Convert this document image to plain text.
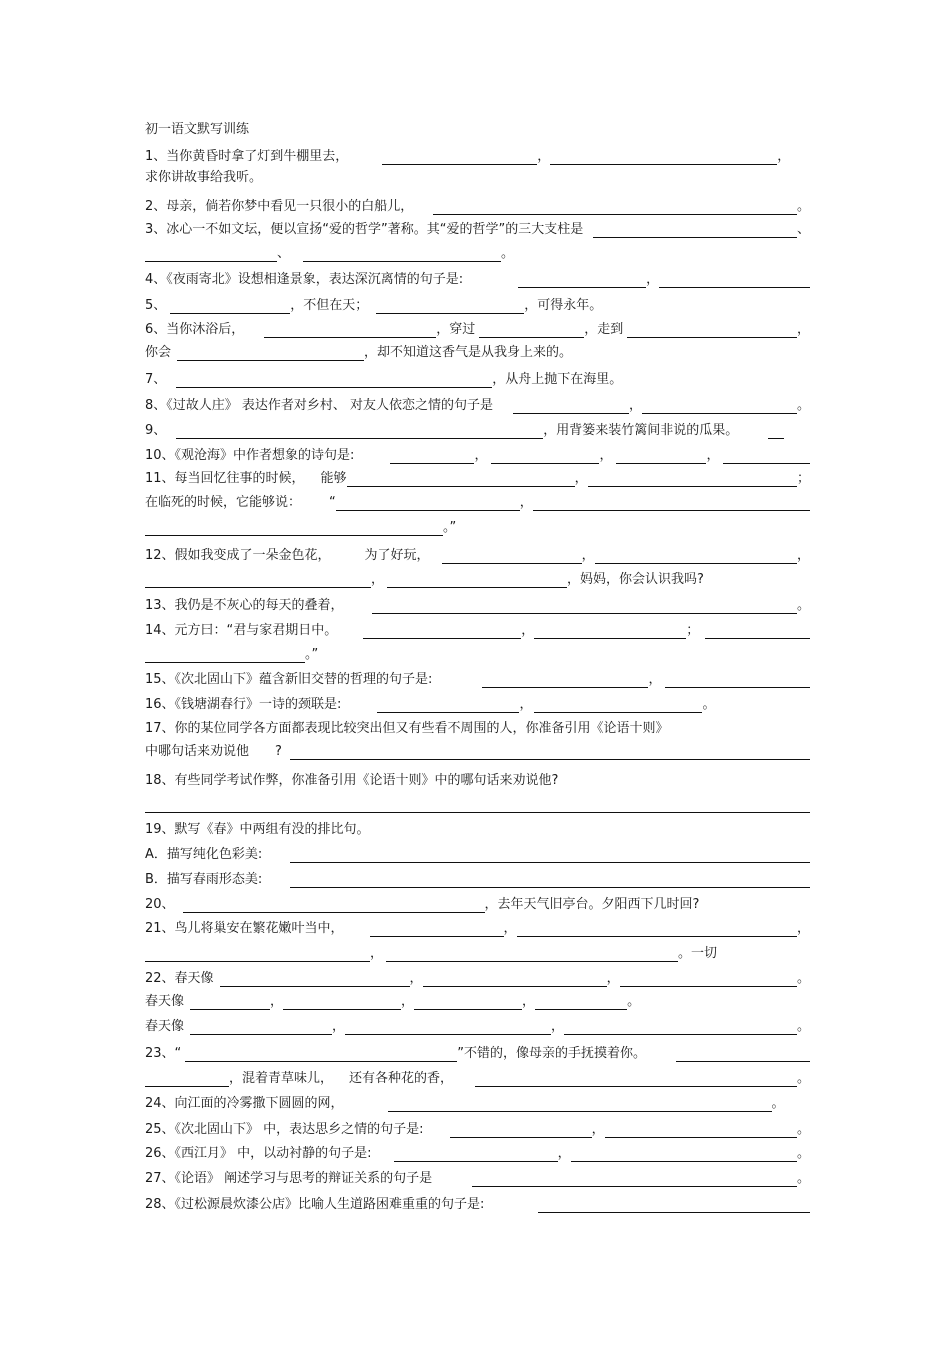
初一语文默写训练
1、当你黄昏时拿了灯到牛棚里去，	，	，
求你讲故事给我听。
2、母亲，倘若你梦中看见一只很小的白船儿，	。
3、冰心一不如文坛，便以宣扬“爱的哲学”著称。其“爱的哲学”的三大支柱是	、
、	。
4、《夜雨寄北》设想相逢景象，表达深沉离情的句子是:	，
5、	，不但在天；	，可得永年。
6、当你沐浴后，	，穿过	，走到	，
你会	，却不知道这香气是从我身上来的。
7、	，从舟上抛下在海里。
8、《过故人庄》 表达作者对乡村、 对友人依恋之情的句子是	，	。
9、	，用背篓来装竹篱间非说的瓜果。
10、《观沧海》中作者想象的诗句是:	，	，	，
11、每当回忆往事的时候， 能够	，	；
在临死的时候，它能够说： “	，
。”
12、假如我变成了一朵金色花，	为了好玩，	，	，
，	，妈妈，你会认识我吗?
13、我仍是不灰心的每天的叠着，	。
14、元方曰：“君与家君期日中。	，	；
。”
15、《次北固山下》蕴含新旧交替的哲理的句子是:	，
16、《钱塘湖春行》一诗的颈联是:	，	。
17、你的某位同学各方面都表现比较突出但又有些看不周围的人，你准备引用《论语十则》
中哪句话来劝说他 ?
18、有些同学考试作弊，你准备引用《论语十则》中的哪句话来劝说他?
19、默写《春》中两组有没的排比句。
A．描写纯化色彩美:
B．描写春雨形态美:
20、	，去年天气旧亭台。夕阳西下几时回?
21、鸟儿将巢安在繁花嫩叶当中，	，	，
，	。一切
22、春天像	，	，	。
春天像	，	，	，	。
春天像	，	，	。
23、“	”不错的，像母亲的手抚摸着你。
，混着青草味儿， 还有各种花的香，	。
24、向江面的冷雾撒下圆圆的网，	。
25、《次北固山下》 中，表达思乡之情的句子是:	，	。
26、《西江月》 中，以动衬静的句子是:	，	。
27、《论语》 阐述学习与思考的辩证关系的句子是	。
28、《过松源晨炊漆公店》比喻人生道路困难重重的句子是:
